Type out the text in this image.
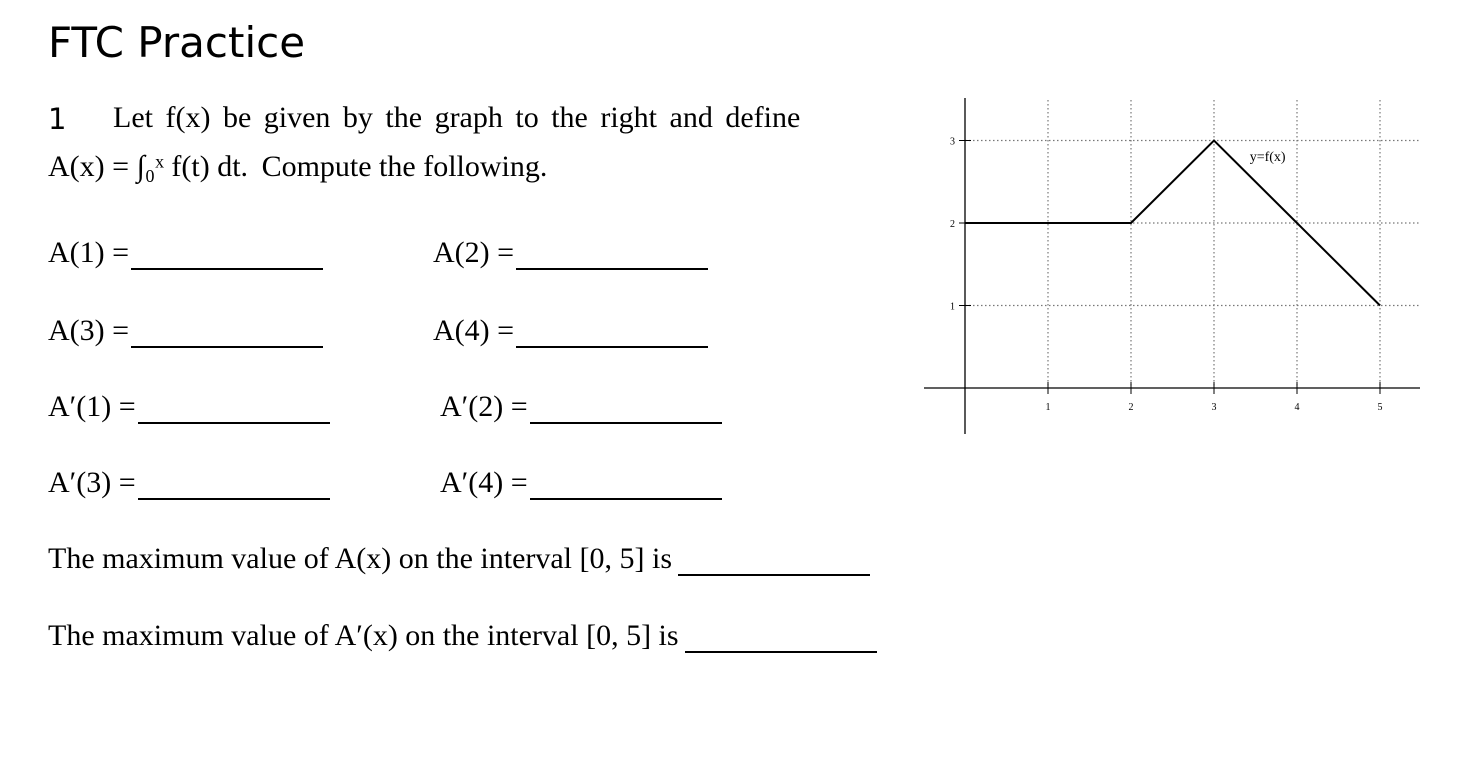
FTC Practice
1 Let f(x) be given by the graph to the right and define
A(x) = ∫₀ˣ f(t) dt. Compute the following.
A(1) =	A(2) =
A(3) =	A(4) =
A′(1) =	A′(2) =
A′(3) =	A′(4) =
The maximum value of A(x) on the interval [0, 5] is
The maximum value of A′(x) on the interval [0, 5] is
1	2	3	4	5
1
2
3
y=f(x)
